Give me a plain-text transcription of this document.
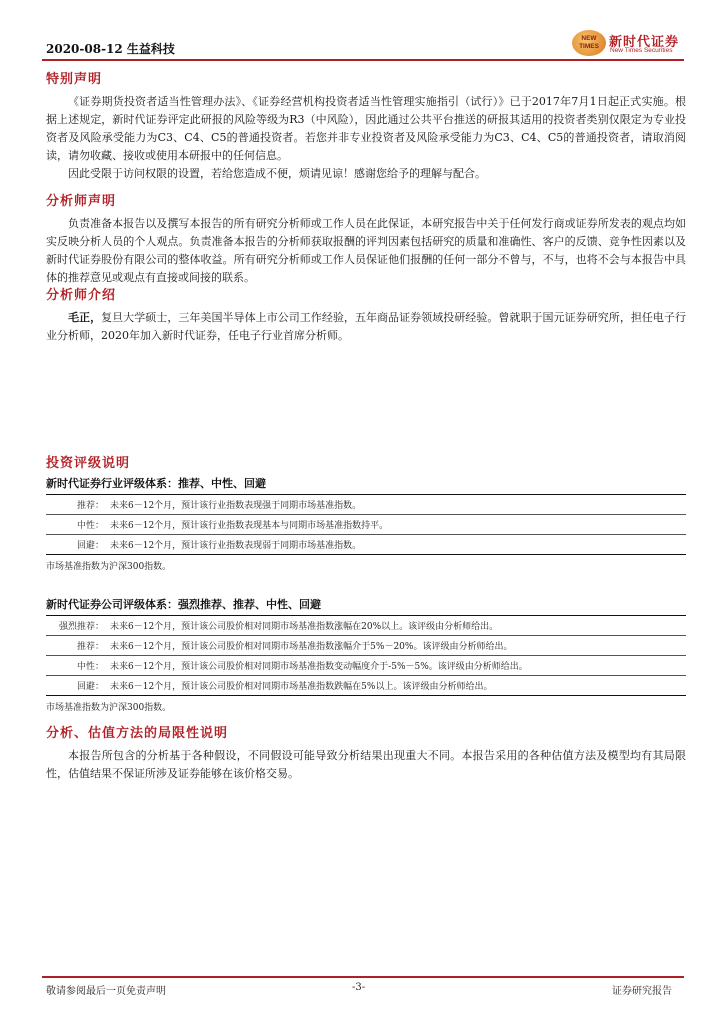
2020-08-12 生益科技
NEW TIMES 新时代证券
New Times Securities
特别声明

《证券期货投资者适当性管理办法》、《证券经营机构投资者适当性管理实施指引（试行）》已于2017年7月1日起正式实施。根据上述规定，新时代证券评定此研报的风险等级为R3（中风险），因此通过公共平台推送的研报其适用的投资者类别仅限定为专业投资者及风险承受能力为C3、C4、C5的普通投资者。若您并非专业投资者及风险承受能力为C3、C4、C5的普通投资者，请取消阅读，请勿收藏、接收或使用本研报中的任何信息。

因此受限于访问权限的设置，若给您造成不便，烦请见谅！感谢您给予的理解与配合。

分析师声明

负责准备本报告以及撰写本报告的所有研究分析师或工作人员在此保证，本研究报告中关于任何发行商或证券所发表的观点均如实反映分析人员的个人观点。负责准备本报告的分析师获取报酬的评判因素包括研究的质量和准确性、客户的反馈、竞争性因素以及新时代证券股份有限公司的整体收益。所有研究分析师或工作人员保证他们报酬的任何一部分不曾与，不与，也将不会与本报告中具体的推荐意见或观点有直接或间接的联系。

分析师介绍

毛正，复旦大学硕士，三年美国半导体上市公司工作经验，五年商品证券领域投研经验。曾就职于国元证券研究所，担任电子行业分析师，2020年加入新时代证券，任电子行业首席分析师。

投资评级说明
新时代证券行业评级体系：推荐、中性、回避
推荐：	未来6－12个月，预计该行业指数表现强于同期市场基准指数。
中性：	未来6－12个月，预计该行业指数表现基本与同期市场基准指数持平。
回避：	未来6－12个月，预计该行业指数表现弱于同期市场基准指数。
市场基准指数为沪深300指数。
新时代证券公司评级体系：强烈推荐、推荐、中性、回避
强烈推荐：	未来6－12个月，预计该公司股价相对同期市场基准指数涨幅在20%以上。该评级由分析师给出。
推荐：	未来6－12个月，预计该公司股价相对同期市场基准指数涨幅介于5%－20%。该评级由分析师给出。
中性：	未来6－12个月，预计该公司股价相对同期市场基准指数变动幅度介于-5%－5%。该评级由分析师给出。
回避：	未来6－12个月，预计该公司股价相对同期市场基准指数跌幅在5%以上。该评级由分析师给出。
市场基准指数为沪深300指数。
分析、估值方法的局限性说明

本报告所包含的分析基于各种假设，不同假设可能导致分析结果出现重大不同。本报告采用的各种估值方法及模型均有其局限性，估值结果不保证所涉及证券能够在该价格交易。

敬请参阅最后一页免责声明	-3-	证券研究报告
